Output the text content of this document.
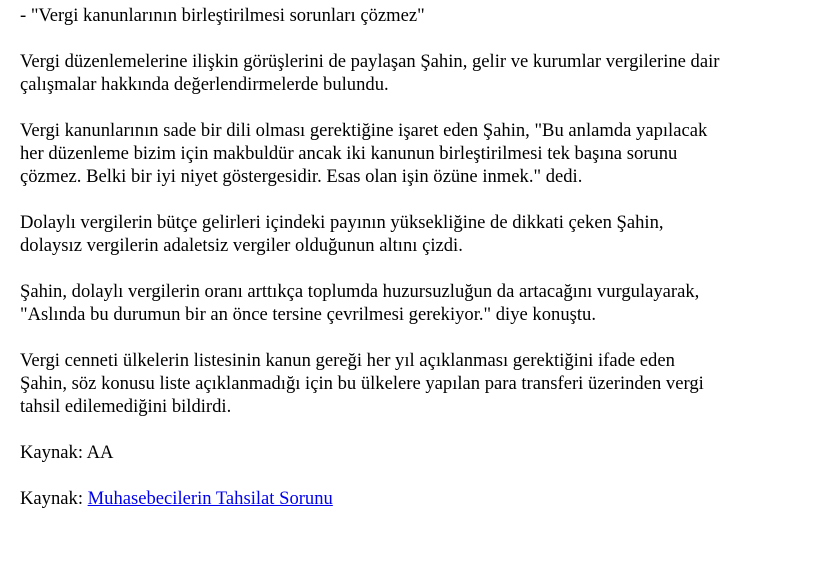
- "Vergi kanunlarının birleştirilmesi sorunları çözmez"

Vergi düzenlemelerine ilişkin görüşlerini de paylaşan Şahin, gelir ve kurumlar vergilerine dair
çalışmalar hakkında değerlendirmelerde bulundu.

Vergi kanunlarının sade bir dili olması gerektiğine işaret eden Şahin, "Bu anlamda yapılacak
her düzenleme bizim için makbuldür ancak iki kanunun birleştirilmesi tek başına sorunu
çözmez. Belki bir iyi niyet göstergesidir. Esas olan işin özüne inmek." dedi.

Dolaylı vergilerin bütçe gelirleri içindeki payının yüksekliğine de dikkati çeken Şahin,
dolaysız vergilerin adaletsiz vergiler olduğunun altını çizdi.

Şahin, dolaylı vergilerin oranı arttıkça toplumda huzursuzluğun da artacağını vurgulayarak,
"Aslında bu durumun bir an önce tersine çevrilmesi gerekiyor." diye konuştu.

Vergi cenneti ülkelerin listesinin kanun gereği her yıl açıklanması gerektiğini ifade eden
Şahin, söz konusu liste açıklanmadığı için bu ülkelere yapılan para transferi üzerinden vergi
tahsil edilemediğini bildirdi.

Kaynak: AA

Kaynak: Muhasebecilerin Tahsilat Sorunu
